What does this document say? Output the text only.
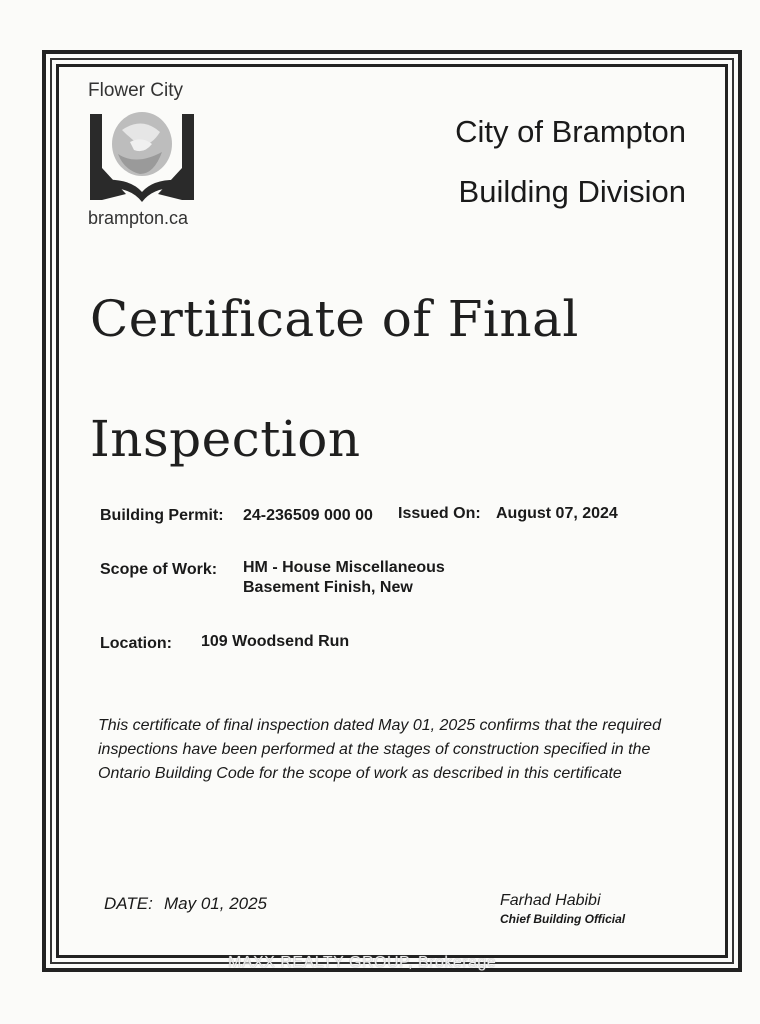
Flower City
brampton.ca
City of Brampton
Building Division
Certificate of Final
Inspection
Building Permit: 24-236509 000 00 Issued On: August 07, 2024
Scope of Work: HM - House Miscellaneous
Basement Finish, New
Location: 109 Woodsend Run
This certificate of final inspection dated May 01, 2025 confirms that the required inspections have been performed at the stages of construction specified in the Ontario Building Code for the scope of work as described in this certificate
DATE: May 01, 2025	Farhad Habibi
Chief Building Official
MAXX REALTY GROUP, Brokerage
